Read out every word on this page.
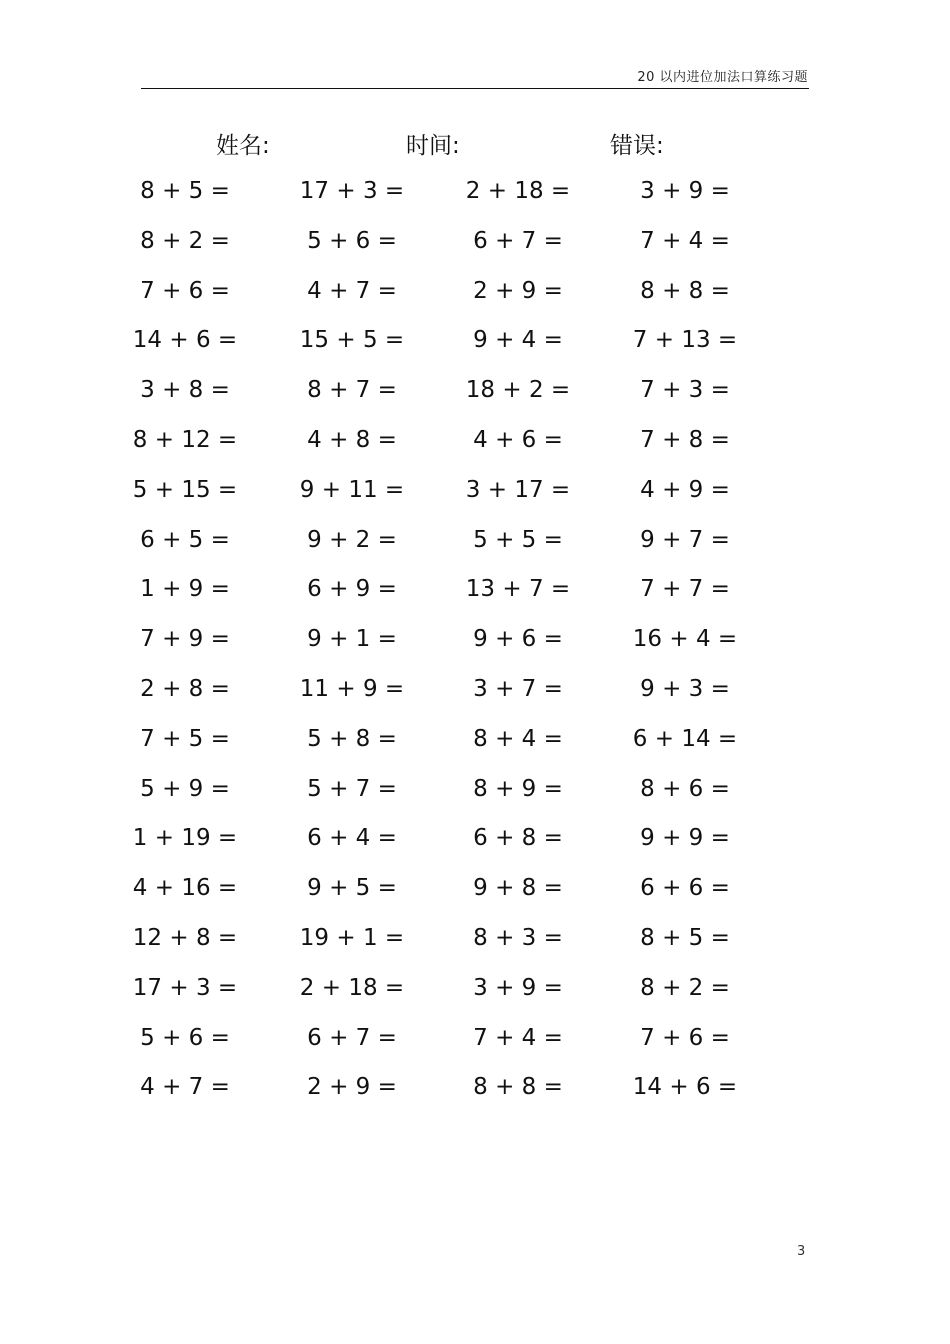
20 以内进位加法口算练习题
姓名:	时间:	错误:
8 + 5 =	17 + 3 =	2 + 18 =	3 + 9 =
8 + 2 =	5 + 6 =	6 + 7 =	7 + 4 =
7 + 6 =	4 + 7 =	2 + 9 =	8 + 8 =
14 + 6 =	15 + 5 =	9 + 4 =	7 + 13 =
3 + 8 =	8 + 7 =	18 + 2 =	7 + 3 =
8 + 12 =	4 + 8 =	4 + 6 =	7 + 8 =
5 + 15 =	9 + 11 =	3 + 17 =	4 + 9 =
6 + 5 =	9 + 2 =	5 + 5 =	9 + 7 =
1 + 9 =	6 + 9 =	13 + 7 =	7 + 7 =
7 + 9 =	9 + 1 =	9 + 6 =	16 + 4 =
2 + 8 =	11 + 9 =	3 + 7 =	9 + 3 =
7 + 5 =	5 + 8 =	8 + 4 =	6 + 14 =
5 + 9 =	5 + 7 =	8 + 9 =	8 + 6 =
1 + 19 =	6 + 4 =	6 + 8 =	9 + 9 =
4 + 16 =	9 + 5 =	9 + 8 =	6 + 6 =
12 + 8 =	19 + 1 =	8 + 3 =	8 + 5 =
17 + 3 =	2 + 18 =	3 + 9 =	8 + 2 =
5 + 6 =	6 + 7 =	7 + 4 =	7 + 6 =
4 + 7 =	2 + 9 =	8 + 8 =	14 + 6 =
3
